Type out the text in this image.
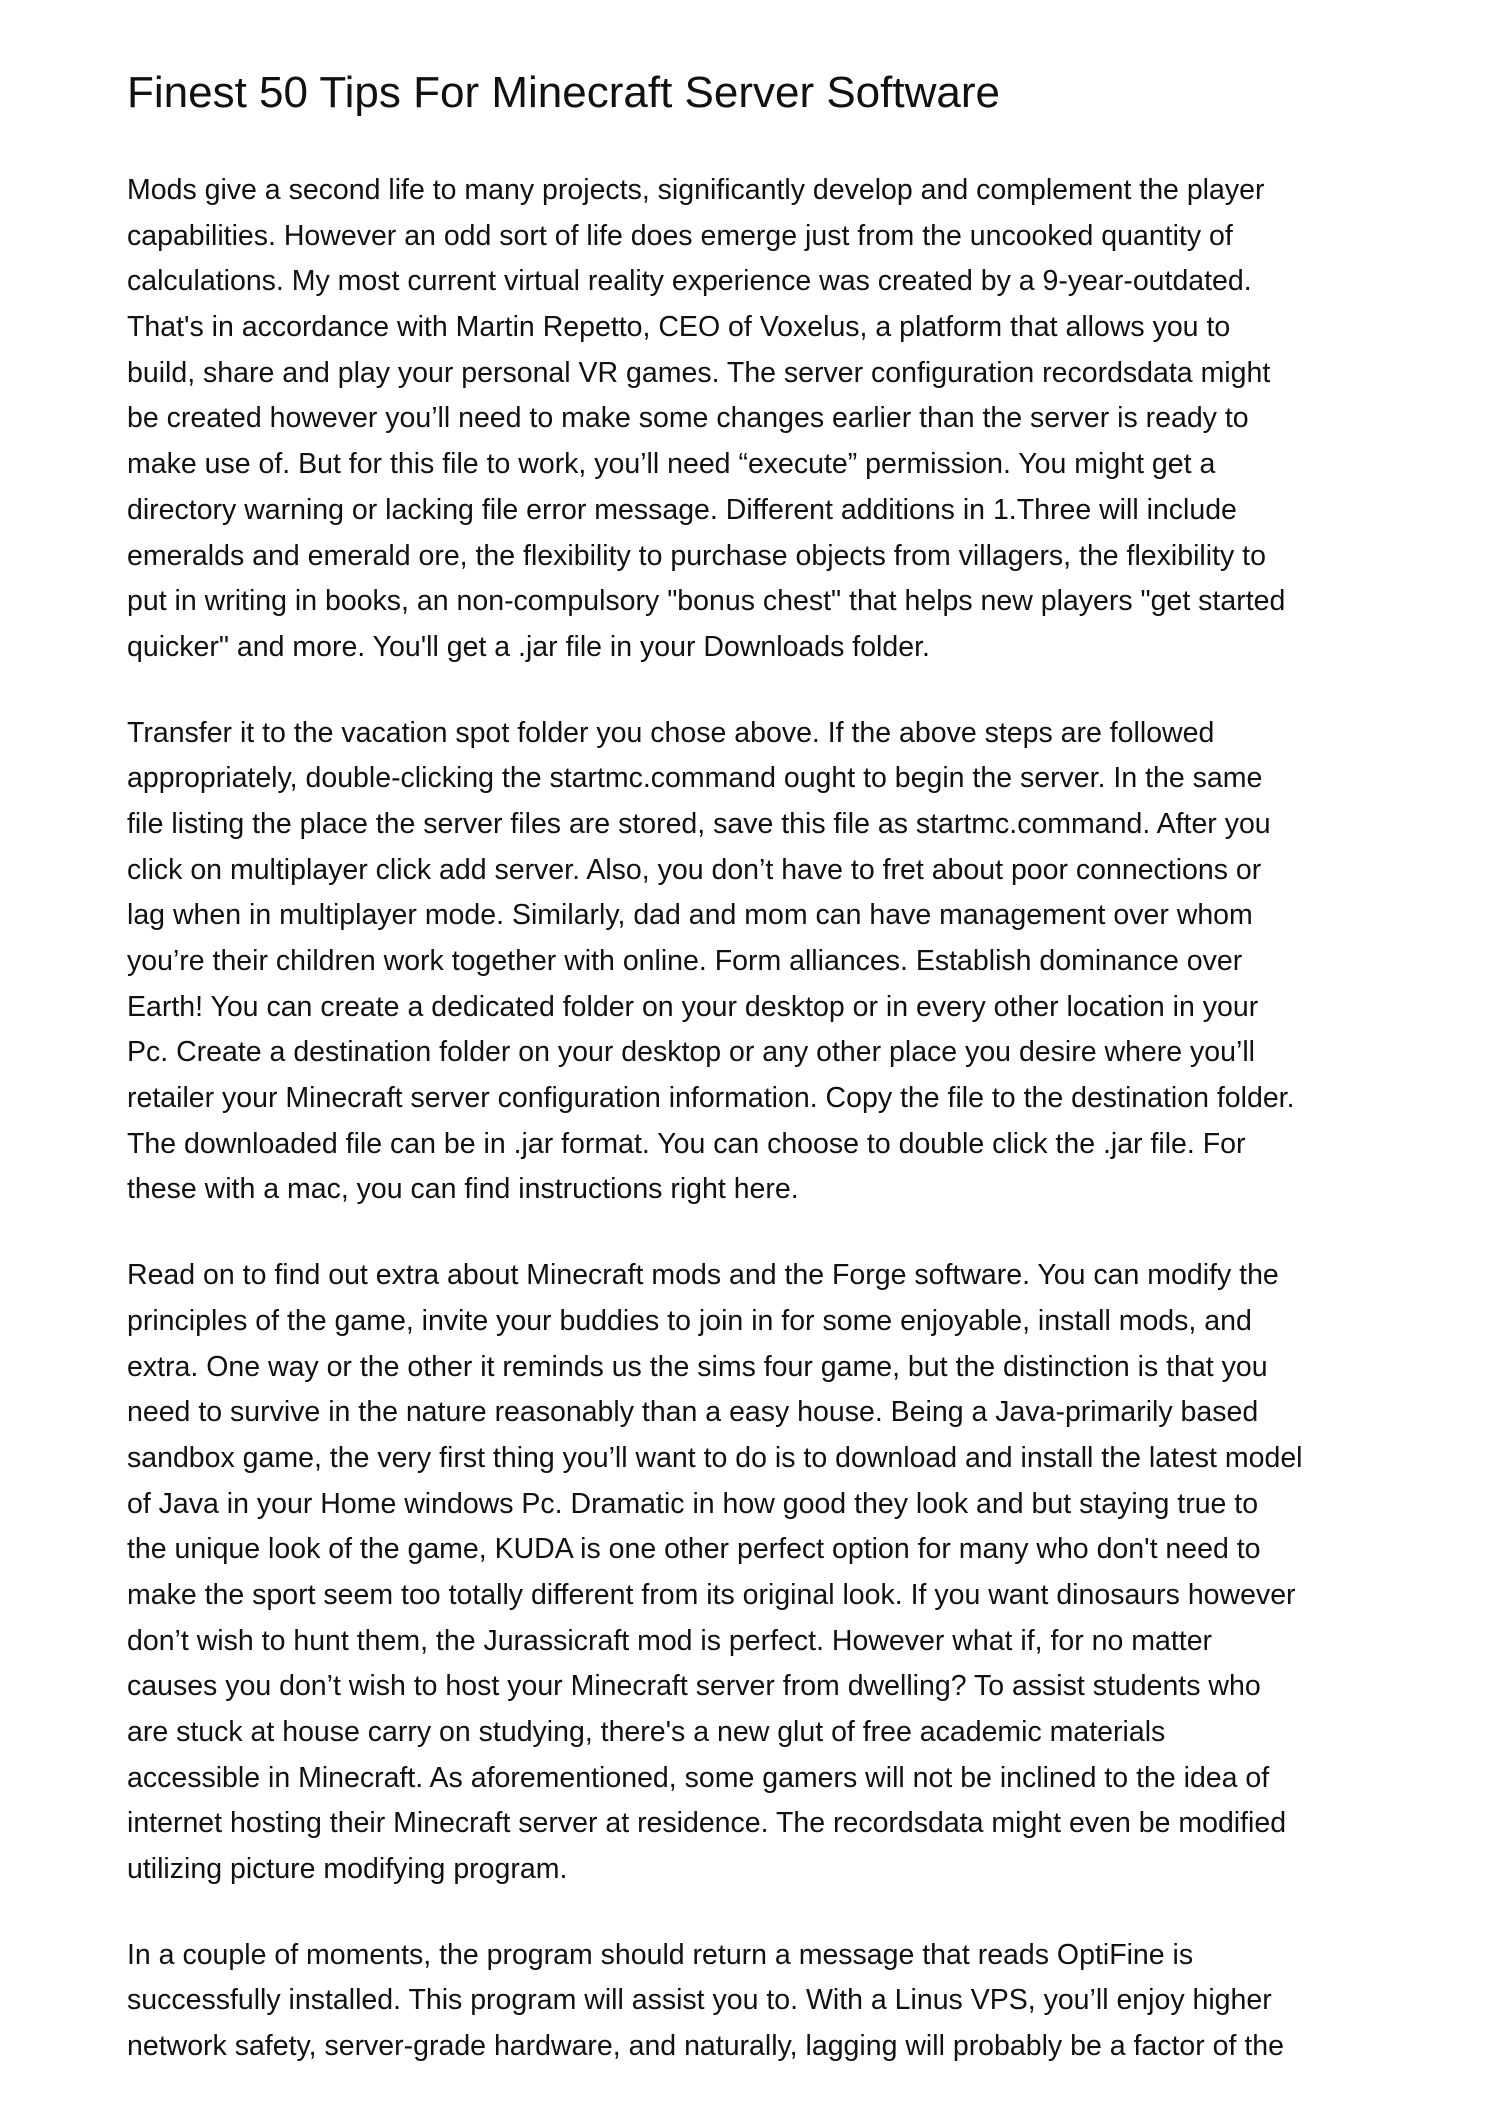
Finest 50 Tips For Minecraft Server Software
Mods give a second life to many projects, significantly develop and complement the player
capabilities. However an odd sort of life does emerge just from the uncooked quantity of
calculations. My most current virtual reality experience was created by a 9-year-outdated.
That's in accordance with Martin Repetto, CEO of Voxelus, a platform that allows you to
build, share and play your personal VR games. The server configuration recordsdata might
be created however you’ll need to make some changes earlier than the server is ready to
make use of. But for this file to work, you’ll need “execute” permission. You might get a
directory warning or lacking file error message. Different additions in 1.Three will include
emeralds and emerald ore, the flexibility to purchase objects from villagers, the flexibility to
put in writing in books, an non-compulsory "bonus chest" that helps new players "get started
quicker" and more. You'll get a .jar file in your Downloads folder.
Transfer it to the vacation spot folder you chose above. If the above steps are followed
appropriately, double-clicking the startmc.command ought to begin the server. In the same
file listing the place the server files are stored, save this file as startmc.command. After you
click on multiplayer click add server. Also, you don’t have to fret about poor connections or
lag when in multiplayer mode. Similarly, dad and mom can have management over whom
you’re their children work together with online. Form alliances. Establish dominance over
Earth! You can create a dedicated folder on your desktop or in every other location in your
Pc. Create a destination folder on your desktop or any other place you desire where you’ll
retailer your Minecraft server configuration information. Copy the file to the destination folder.
The downloaded file can be in .jar format. You can choose to double click the .jar file. For
these with a mac, you can find instructions right here.
Read on to find out extra about Minecraft mods and the Forge software. You can modify the
principles of the game, invite your buddies to join in for some enjoyable, install mods, and
extra. One way or the other it reminds us the sims four game, but the distinction is that you
need to survive in the nature reasonably than a easy house. Being a Java-primarily based
sandbox game, the very first thing you’ll want to do is to download and install the latest model
of Java in your Home windows Pc. Dramatic in how good they look and but staying true to
the unique look of the game, KUDA is one other perfect option for many who don't need to
make the sport seem too totally different from its original look. If you want dinosaurs however
don’t wish to hunt them, the Jurassicraft mod is perfect. However what if, for no matter
causes you don’t wish to host your Minecraft server from dwelling? To assist students who
are stuck at house carry on studying, there's a new glut of free academic materials
accessible in Minecraft. As aforementioned, some gamers will not be inclined to the idea of
internet hosting their Minecraft server at residence. The recordsdata might even be modified
utilizing picture modifying program.
In a couple of moments, the program should return a message that reads OptiFine is
successfully installed. This program will assist you to. With a Linus VPS, you’ll enjoy higher
network safety, server-grade hardware, and naturally, lagging will probably be a factor of the
